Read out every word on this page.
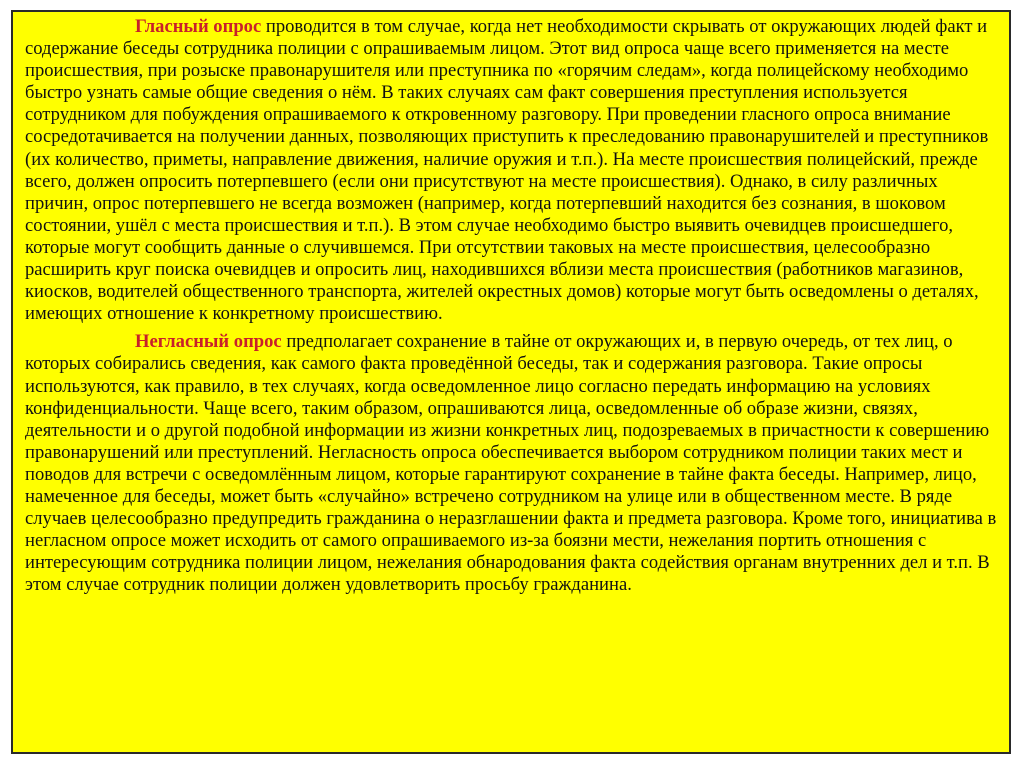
Гласный опрос проводится в том случае, когда нет необходимости скрывать от окружающих людей факт и содержание беседы сотрудника полиции с опрашиваемым лицом. Этот вид опроса чаще всего применяется на месте происшествия, при розыске правонарушителя или преступника по «горячим следам», когда полицейскому необходимо быстро узнать самые общие сведения о нём. В таких случаях сам факт совершения преступления используется сотрудником для побуждения опрашиваемого к откровенному разговору. При проведении гласного опроса внимание сосредотачивается на получении данных, позволяющих приступить к преследованию правонарушителей и преступников (их количество, приметы, направление движения, наличие оружия и т.п.). На месте происшествия полицейский, прежде всего, должен опросить потерпевшего (если они присутствуют на месте происшествия). Однако, в силу различных причин, опрос потерпевшего не всегда возможен (например, когда потерпевший находится без сознания, в шоковом состоянии, ушёл с места происшествия и т.п.). В этом случае необходимо быстро выявить очевидцев происшедшего, которые могут сообщить данные о случившемся. При отсутствии таковых на месте происшествия, целесообразно расширить круг поиска очевидцев и опросить лиц, находившихся вблизи места происшествия (работников магазинов, киосков, водителей общественного транспорта, жителей окрестных домов) которые могут быть осведомлены о деталях, имеющих отношение к конкретному происшествию.

Негласный опрос предполагает сохранение в тайне от окружающих и, в первую очередь, от тех лиц, о которых собирались сведения, как самого факта проведённой беседы, так и содержания разговора. Такие опросы используются, как правило, в тех случаях, когда осведомленное лицо согласно передать информацию на условиях конфиденциальности. Чаще всего, таким образом, опрашиваются лица, осведомленные об образе жизни, связях, деятельности и о другой подобной информации из жизни конкретных лиц, подозреваемых в причастности к совершению правонарушений или преступлений. Негласность опроса обеспечивается выбором сотрудником полиции таких мест и поводов для встречи с осведомлённым лицом, которые гарантируют сохранение в тайне факта беседы. Например, лицо, намеченное для беседы, может быть «случайно» встречено сотрудником на улице или в общественном месте. В ряде случаев целесообразно предупредить гражданина о неразглашении факта и предмета разговора. Кроме того, инициатива в негласном опросе может исходить от самого опрашиваемого из-за боязни мести, нежелания портить отношения с интересующим сотрудника полиции лицом, нежелания обнародования факта содействия органам внутренних дел и т.п. В этом случае сотрудник полиции должен удовлетворить просьбу гражданина.
